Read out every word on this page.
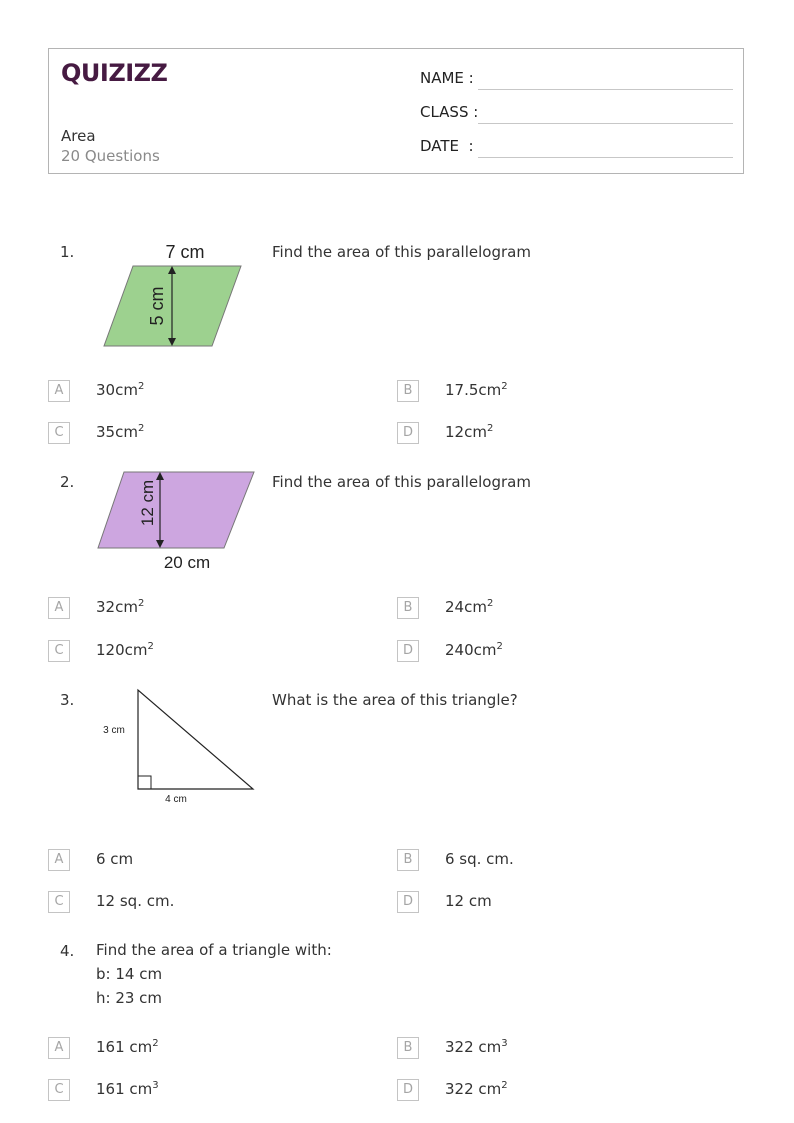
QUIZIZZ
Area
20 Questions
NAME :
CLASS :
DATE  :
1.	7 cm
5 cm
Find the area of this parallelogram
A	$30cm^2$	B	$17.5cm^2$
C	$35cm^2$	D	$12cm^2$
2.	12 cm
20 cm
Find the area of this parallelogram
A	$32cm^2$	B	$24cm^2$
C	$120cm^2$	D	$240cm^2$
3.
3 cm
4 cm
What is the area of this triangle?
A	6 cm	B	6 sq. cm.
C	12 sq. cm.	D	12 cm
4. Find the area of a triangle with:
b: 14 cm
h: 23 cm
A	161 $cm^2$	B	322 $cm^3$
C	161 $cm^3$	D	322 $cm^2$
